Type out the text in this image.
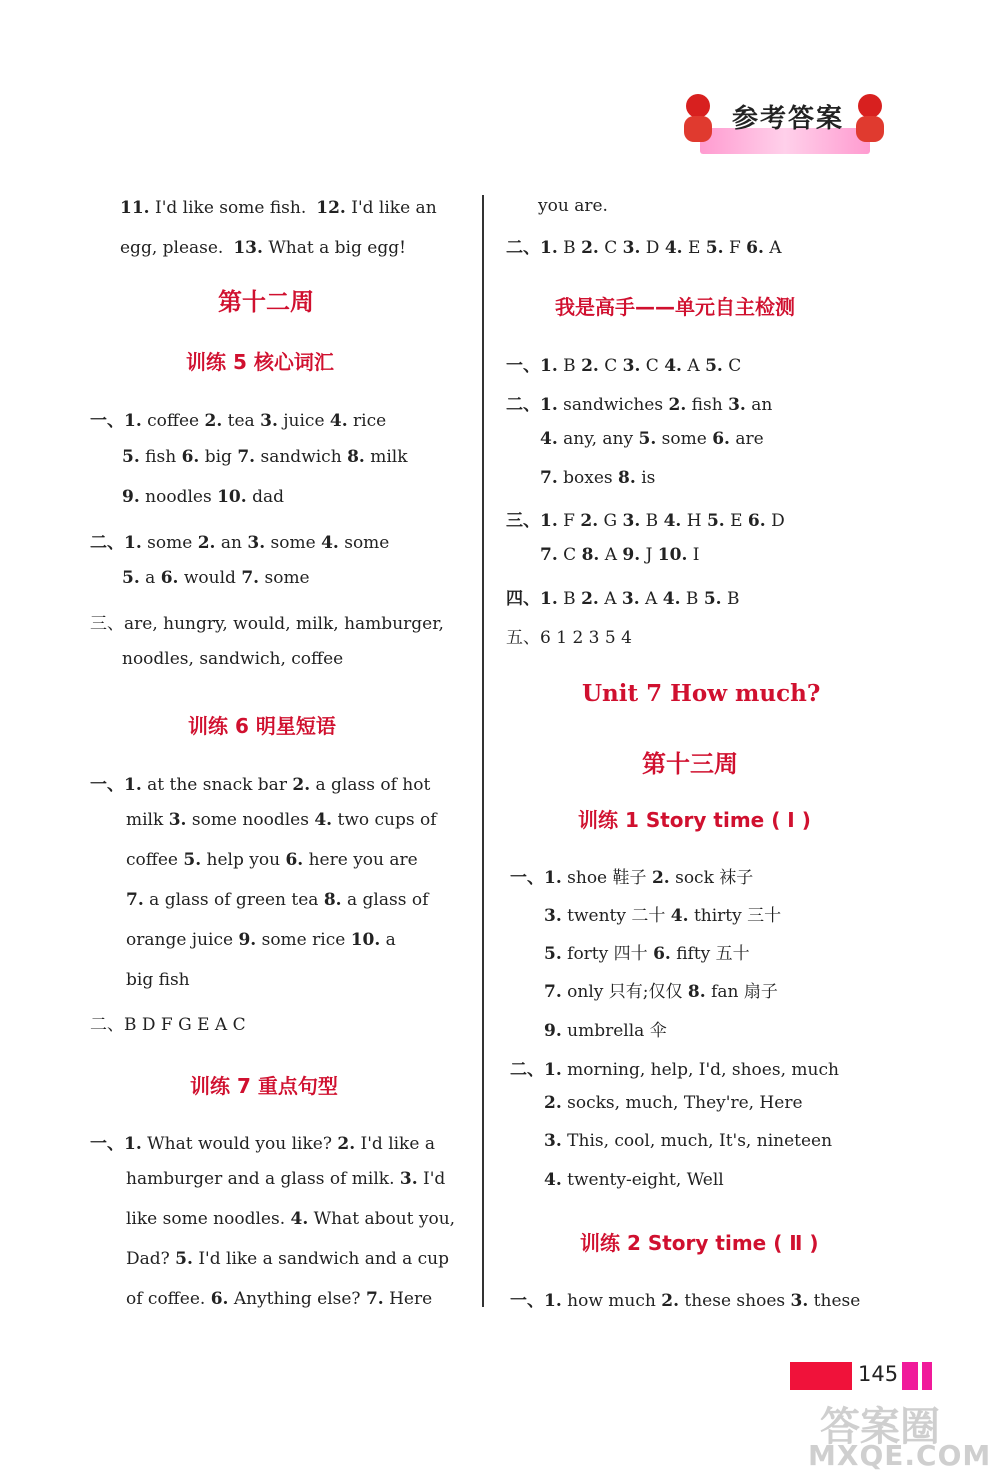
参考答案
11. I'd like some fish. 12. I'd like an
egg, please. 13. What a big egg!
第十二周
训练 5 核心词汇
一、1. coffee 2. tea 3. juice 4. rice
5. fish 6. big 7. sandwich 8. milk
9. noodles 10. dad
二、1. some 2. an 3. some 4. some
5. a 6. would 7. some
三、are, hungry, would, milk, hamburger,
noodles, sandwich, coffee
训练 6 明星短语
一、1. at the snack bar 2. a glass of hot
milk 3. some noodles 4. two cups of
coffee 5. help you 6. here you are
7. a glass of green tea 8. a glass of
orange juice 9. some rice 10. a
big fish
二、B D F G E A C
训练 7 重点句型
一、1. What would you like? 2. I'd like a
hamburger and a glass of milk. 3. I'd
like some noodles. 4. What about you,
Dad? 5. I'd like a sandwich and a cup
of coffee. 6. Anything else? 7. Here
you are.
二、1. B 2. C 3. D 4. E 5. F 6. A
我是高手——单元自主检测
一、1. B 2. C 3. C 4. A 5. C
二、1. sandwiches 2. fish 3. an
4. any, any 5. some 6. are
7. boxes 8. is
三、1. F 2. G 3. B 4. H 5. E 6. D
7. C 8. A 9. J 10. I
四、1. B 2. A 3. A 4. B 5. B
五、6 1 2 3 5 4
Unit 7 How much?
第十三周
训练 1 Story time ( Ⅰ )
一、1. shoe 鞋子 2. sock 袜子
3. twenty 二十 4. thirty 三十
5. forty 四十 6. fifty 五十
7. only 只有;仅仅 8. fan 扇子
9. umbrella 伞
二、1. morning, help, I'd, shoes, much
2. socks, much, They're, Here
3. This, cool, much, It's, nineteen
4. twenty-eight, Well
训练 2 Story time ( Ⅱ )
一、1. how much 2. these shoes 3. these
145
答案圈
MXQE.COM
